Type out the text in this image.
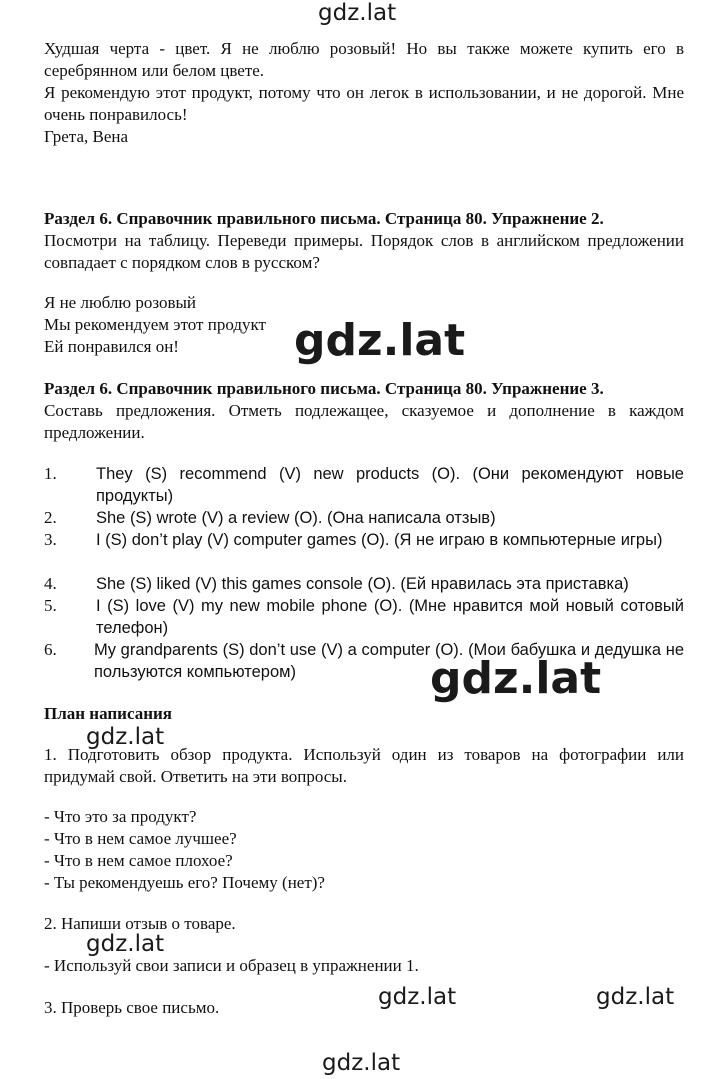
Худшая черта - цвет. Я не люблю розовый! Но вы также можете купить его в серебрянном или белом цвете.
Я рекомендую этот продукт, потому что он легок в использовании, и не дорогой. Мне очень понравилось!
Грета, Вена
Раздел 6. Справочник правильного письма. Страница 80. Упражнение 2.
Посмотри на таблицу. Переведи примеры. Порядок слов в английском предложении совпадает с порядком слов в русском?
Я не люблю розовый
Мы рекомендуем этот продукт
Ей понравился он!
Раздел 6. Справочник правильного письма. Страница 80. Упражнение 3.
Составь предложения. Отметь подлежащее, сказуемое и дополнение в каждом предложении.
1. They (S) recommend (V) new products (O). (Они рекомендуют новые продукты)
2. She (S) wrote (V) a review (O). (Она написала отзыв)
3. I (S) don’t play (V) computer games (O). (Я не играю в компьютерные игры)
4. She (S) liked (V) this games console (O). (Ей нравилась эта приставка)
5. I (S) love (V) my new mobile phone (O). (Мне нравится мой новый сотовый телефон)
6. My grandparents (S) don’t use (V) a computer (O). (Мои бабушка и дедушка не пользуются компьютером)
План написания
1. Подготовить обзор продукта. Используй один из товаров на фотографии или придумай свой. Ответить на эти вопросы.
- Что это за продукт?
- Что в нем самое лучшее?
- Что в нем самое плохое?
- Ты рекомендуешь его? Почему (нет)?
2. Напиши отзыв о товаре.
- Используй свои записи и образец в упражнении 1.
3. Проверь свое письмо.
gdz.lat
gdz.lat
gdz.lat
gdz.lat
gdz.lat
gdz.lat	gdz.lat
gdz.lat
